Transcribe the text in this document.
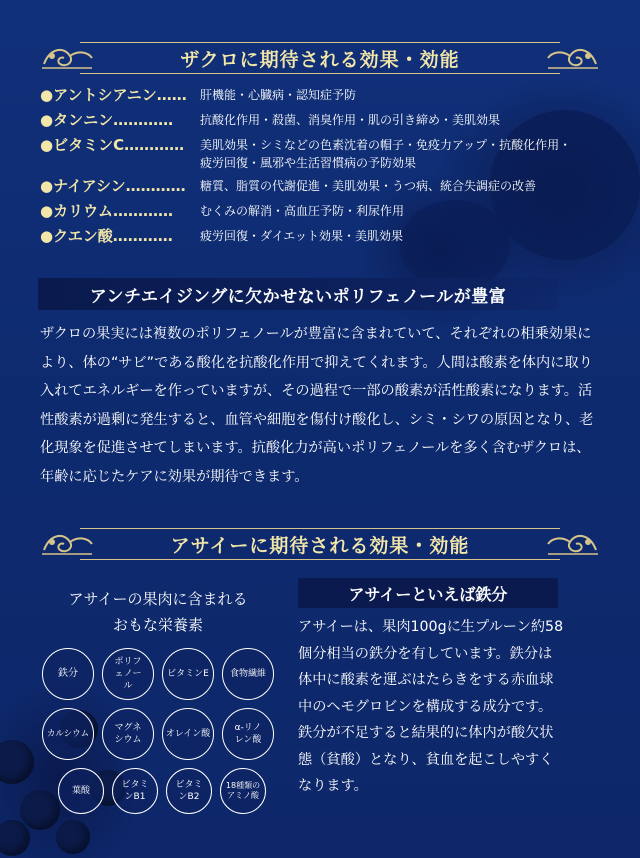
ザクロに期待される効果・効能
●アントシアニン……	肝機能・心臓病・認知症予防
●タンニン…………	抗酸化作用・殺菌、消臭作用・肌の引き締め・美肌効果
●ビタミンC…………	美肌効果・シミなどの色素沈着の帽子・免疫力アップ・抗酸化作用・疲労回復・風邪や生活習慣病の予防効果
●ナイアシン…………	糖質、脂質の代謝促進・美肌効果・うつ病、統合失調症の改善
●カリウム…………	むくみの解消・高血圧予防・利尿作用
●クエン酸…………	疲労回復・ダイエット効果・美肌効果
アンチエイジングに欠かせないポリフェノールが豊富

ザクロの果実には複数のポリフェノールが豊富に含まれていて、それぞれの相乗効果により、体の“サビ”である酸化を抗酸化作用で抑えてくれます。人間は酸素を体内に取り入れてエネルギーを作っていますが、その過程で一部の酸素が活性酸素になります。活性酸素が過剰に発生すると、血管や細胞を傷付け酸化し、シミ・シワの原因となり、老化現象を促進させてしまいます。抗酸化力が高いポリフェノールを多く含むザクロは、年齢に応じたケアに効果が期待できます。

アサイーに期待される効果・効能
アサイーの果肉に含まれる
おもな栄養素
鉄分
ポリフェノール
ビタミンE	食物繊維
カルシウム
マグネシウム
オレイン酸
α-リノレン酸
葉酸
ビタミンB1
ビタミンB2
18種類のアミノ酸
アサイーといえば鉄分

アサイーは、果肉100gに生プルーン約58個分相当の鉄分を有しています。鉄分は体中に酸素を運ぶはたらきをする赤血球中のヘモグロビンを構成する成分です。鉄分が不足すると結果的に体内が酸欠状態（貧酸）となり、貧血を起こしやすくなります。
